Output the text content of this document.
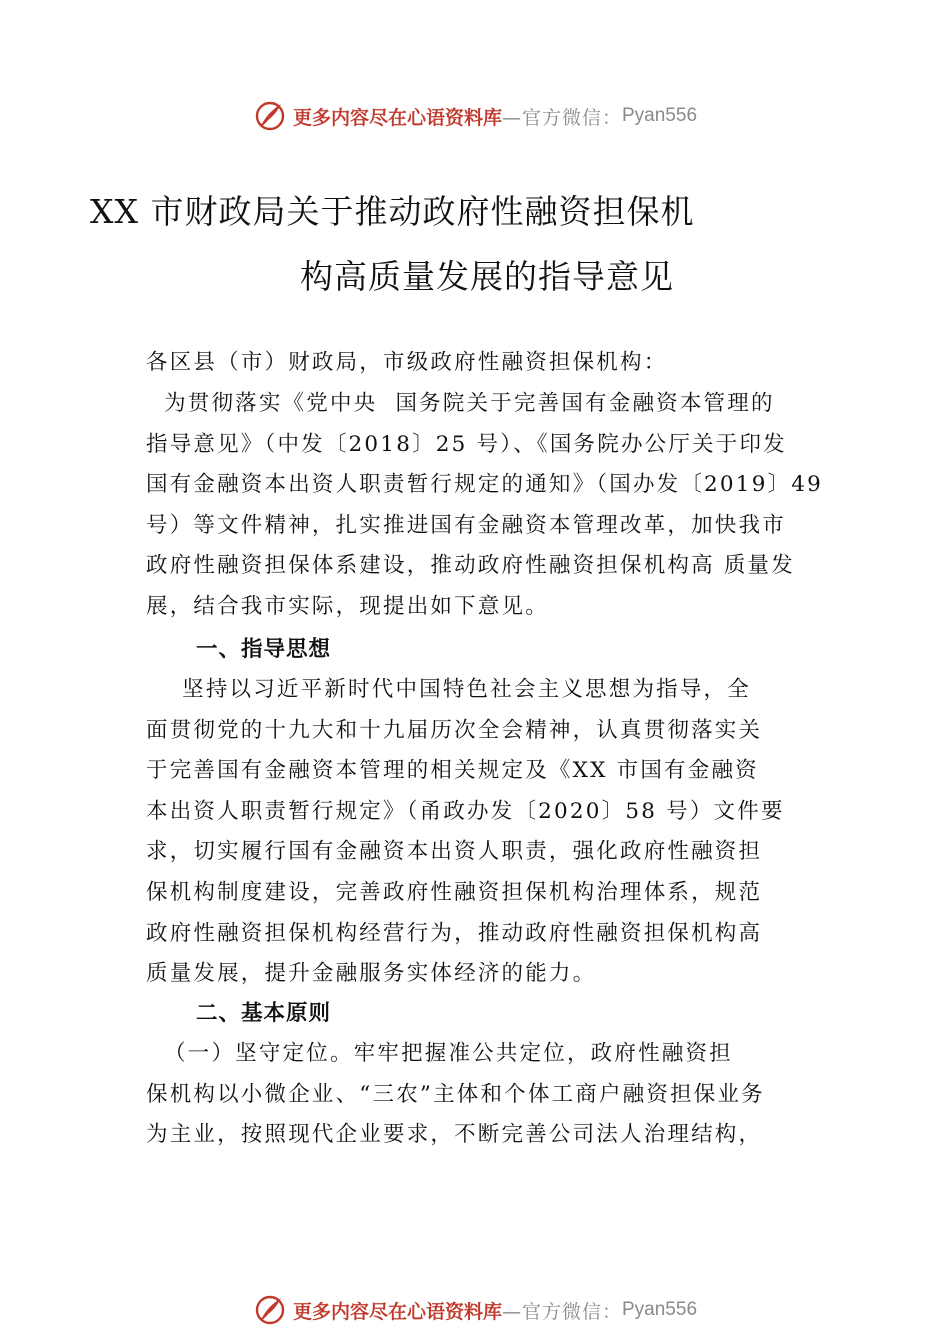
更多内容尽在心语资料库 —官方微信： Pyan556
XX 市财政局关于推动政府性融资担保机
构高质量发展的指导意见
各区县（市）财政局，市级政府性融资担保机构：
为贯彻落实《党中央  国务院关于完善国有金融资本管理的
指导意见》（中发〔2018〕25 号）、《国务院办公厅关于印发
国有金融资本出资人职责暂行规定的通知》（国办发〔2019〕49
号）等文件精神，扎实推进国有金融资本管理改革，加快我市
政府性融资担保体系建设，推动政府性融资担保机构高 质量发
展，结合我市实际，现提出如下意见。
一、指导思想
坚持以习近平新时代中国特色社会主义思想为指导，全
面贯彻党的十九大和十九届历次全会精神，认真贯彻落实关
于完善国有金融资本管理的相关规定及《XX 市国有金融资
本出资人职责暂行规定》（甬政办发〔2020〕58 号）文件要
求，切实履行国有金融资本出资人职责，强化政府性融资担
保机构制度建设，完善政府性融资担保机构治理体系，规范
政府性融资担保机构经营行为，推动政府性融资担保机构高
质量发展，提升金融服务实体经济的能力。
二、基本原则
（一）坚守定位。牢牢把握准公共定位，政府性融资担
保机构以小微企业、“三农”主体和个体工商户融资担保业务
为主业，按照现代企业要求，不断完善公司法人治理结构，
更多内容尽在心语资料库 —官方微信： Pyan556
